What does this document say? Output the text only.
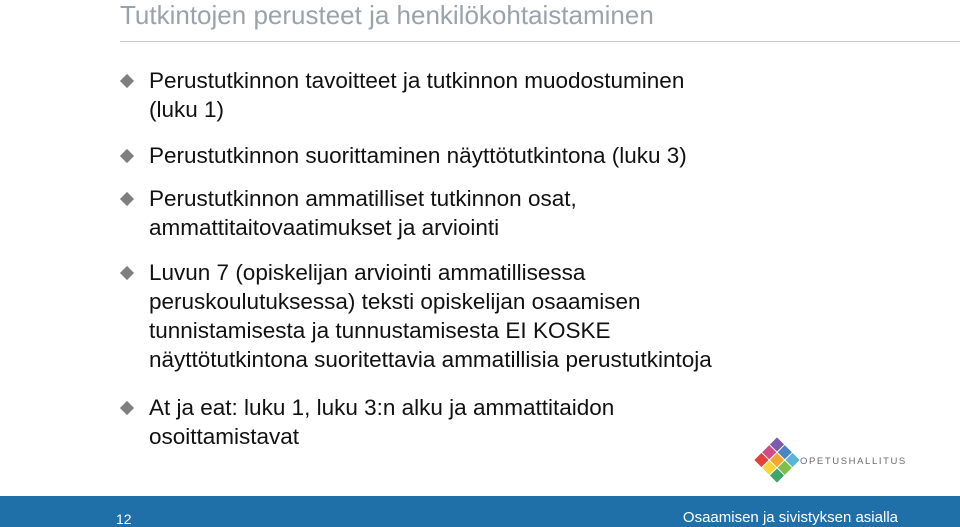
Tutkintojen perusteet ja henkilökohtaistaminen
Perustutkinnon tavoitteet ja tutkinnon muodostuminen
(luku 1)
Perustutkinnon suorittaminen näyttötutkintona (luku 3)
Perustutkinnon ammatilliset tutkinnon osat,
ammattitaitovaatimukset ja arviointi
Luvun 7 (opiskelijan arviointi ammatillisessa
peruskoulutuksessa) teksti opiskelijan osaamisen
tunnistamisesta ja tunnustamisesta EI KOSKE
näyttötutkintona suoritettavia ammatillisia perustutkintoja
At ja eat: luku 1, luku 3:n alku ja ammattitaidon
osoittamistavat
OPETUSHALLITUS
12	Osaamisen ja sivistyksen asialla
